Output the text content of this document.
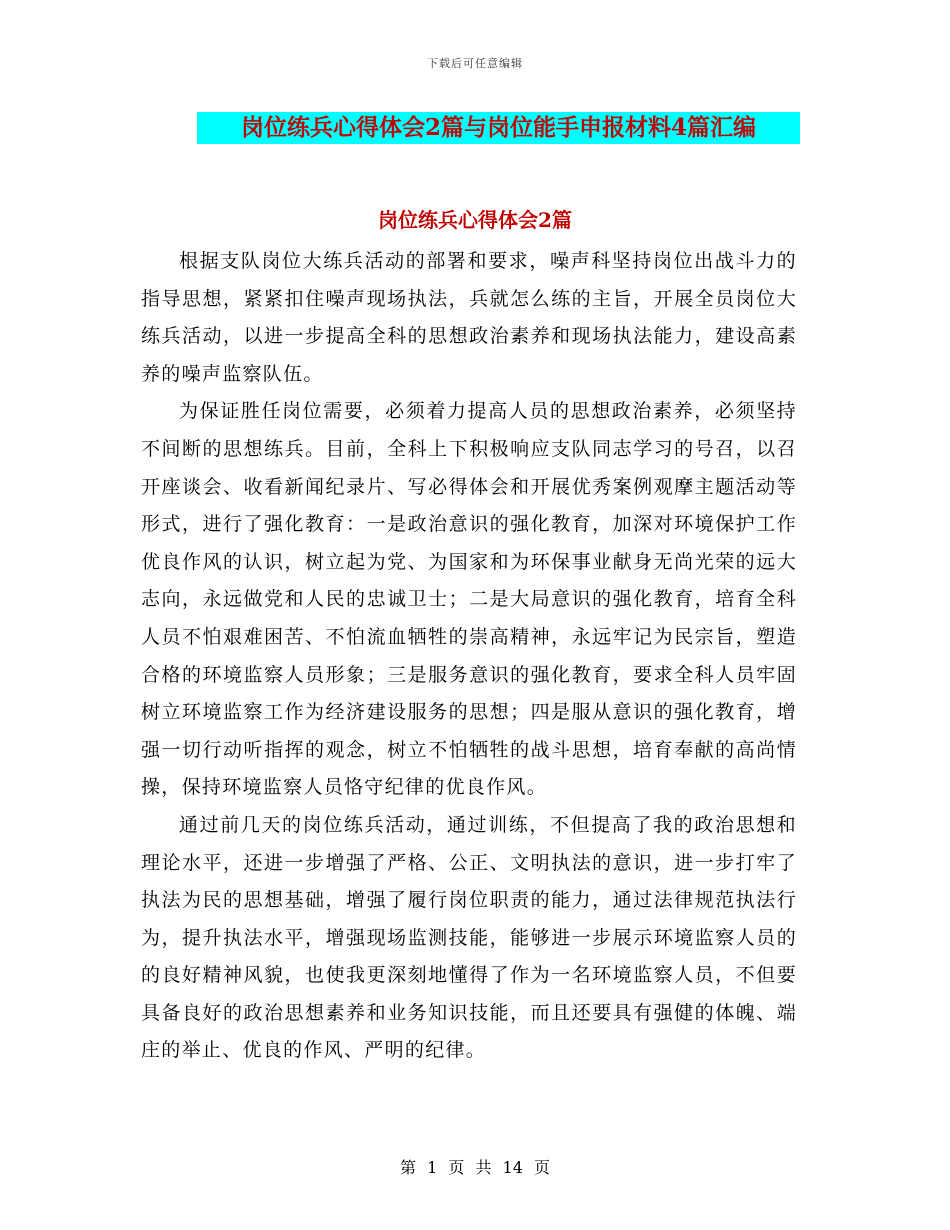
下载后可任意编辑
岗位练兵心得体会2篇与岗位能手申报材料4篇汇编
岗位练兵心得体会2篇

根据支队岗位大练兵活动的部署和要求，噪声科坚持岗位出战斗力的指导思想，紧紧扣住噪声现场执法，兵就怎么练的主旨，开展全员岗位大练兵活动，以进一步提高全科的思想政治素养和现场执法能力，建设高素养的噪声监察队伍。

为保证胜任岗位需要，必须着力提高人员的思想政治素养，必须坚持不间断的思想练兵。目前，全科上下积极响应支队同志学习的号召，以召开座谈会、收看新闻纪录片、写必得体会和开展优秀案例观摩主题活动等形式，进行了强化教育：一是政治意识的强化教育，加深对环境保护工作优良作风的认识，树立起为党、为国家和为环保事业献身无尚光荣的远大志向，永远做党和人民的忠诚卫士；二是大局意识的强化教育，培育全科人员不怕艰难困苦、不怕流血牺牲的崇高精神，永远牢记为民宗旨，塑造合格的环境监察人员形象；三是服务意识的强化教育，要求全科人员牢固树立环境监察工作为经济建设服务的思想；四是服从意识的强化教育，增强一切行动听指挥的观念，树立不怕牺牲的战斗思想，培育奉献的高尚情操，保持环境监察人员恪守纪律的优良作风。

通过前几天的岗位练兵活动，通过训练，不但提高了我的政治思想和理论水平，还进一步增强了严格、公正、文明执法的意识，进一步打牢了执法为民的思想基础，增强了履行岗位职责的能力，通过法律规范执法行为，提升执法水平，增强现场监测技能，能够进一步展示环境监察人员的的良好精神风貌，也使我更深刻地懂得了作为一名环境监察人员，不但要具备良好的政治思想素养和业务知识技能，而且还要具有强健的体魄、端庄的举止、优良的作风、严明的纪律。

第 1 页 共 14 页
